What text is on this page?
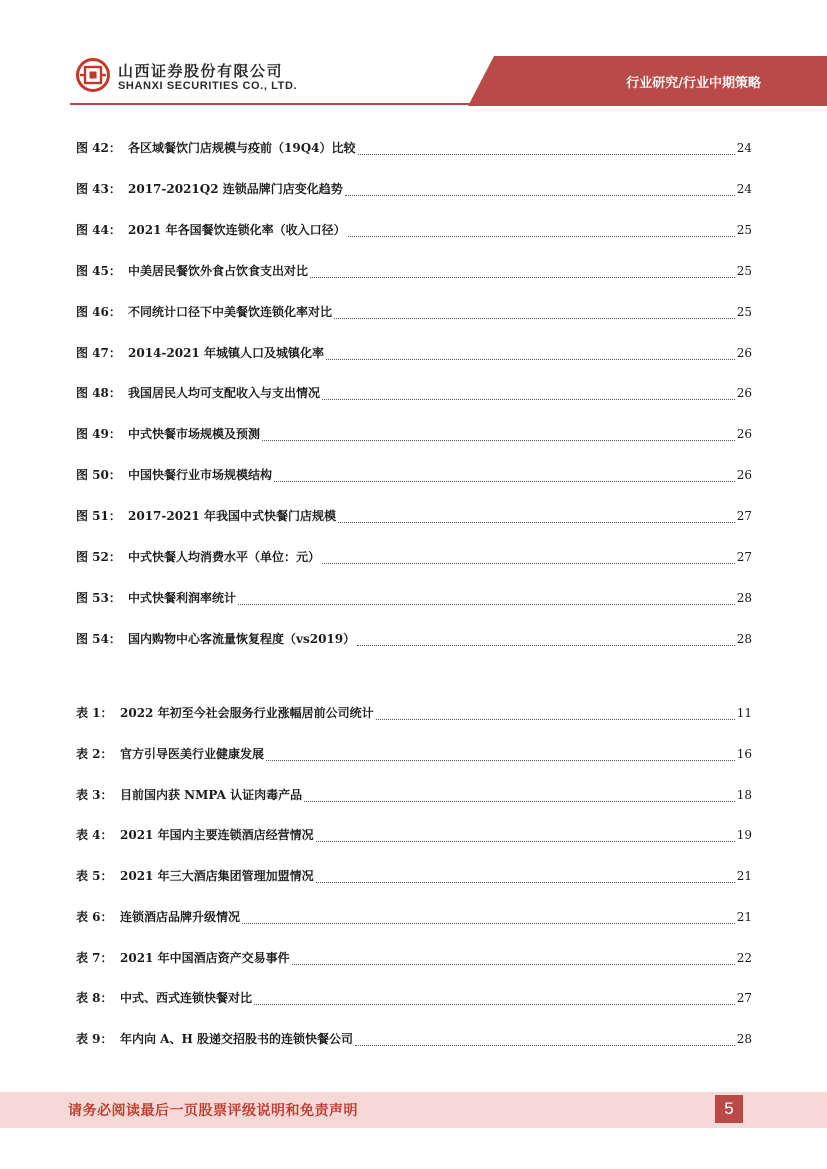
山西证券股份有限公司
SHANXI SECURITIES CO., LTD.	行业研究/行业中期策略
图 42： 各区域餐饮门店规模与疫前（19Q4）比较	24
图 43： 2017-2021Q2 连锁品牌门店变化趋势	24
图 44： 2021 年各国餐饮连锁化率（收入口径）	25
图 45： 中美居民餐饮外食占饮食支出对比	25
图 46： 不同统计口径下中美餐饮连锁化率对比	25
图 47： 2014-2021 年城镇人口及城镇化率	26
图 48： 我国居民人均可支配收入与支出情况	26
图 49： 中式快餐市场规模及预测	26
图 50： 中国快餐行业市场规模结构	26
图 51： 2017-2021 年我国中式快餐门店规模	27
图 52： 中式快餐人均消费水平（单位：元）	27
图 53： 中式快餐利润率统计	28
图 54： 国内购物中心客流量恢复程度（vs2019）	28
表 1： 2022 年初至今社会服务行业涨幅居前公司统计	11
表 2： 官方引导医美行业健康发展	16
表 3： 目前国内获 NMPA 认证肉毒产品	18
表 4： 2021 年国内主要连锁酒店经营情况	19
表 5： 2021 年三大酒店集团管理加盟情况	21
表 6： 连锁酒店品牌升级情况	21
表 7： 2021 年中国酒店资产交易事件	22
表 8： 中式、西式连锁快餐对比	27
表 9： 年内向 A、H 股递交招股书的连锁快餐公司	28
请务必阅读最后一页股票评级说明和免责声明	5
